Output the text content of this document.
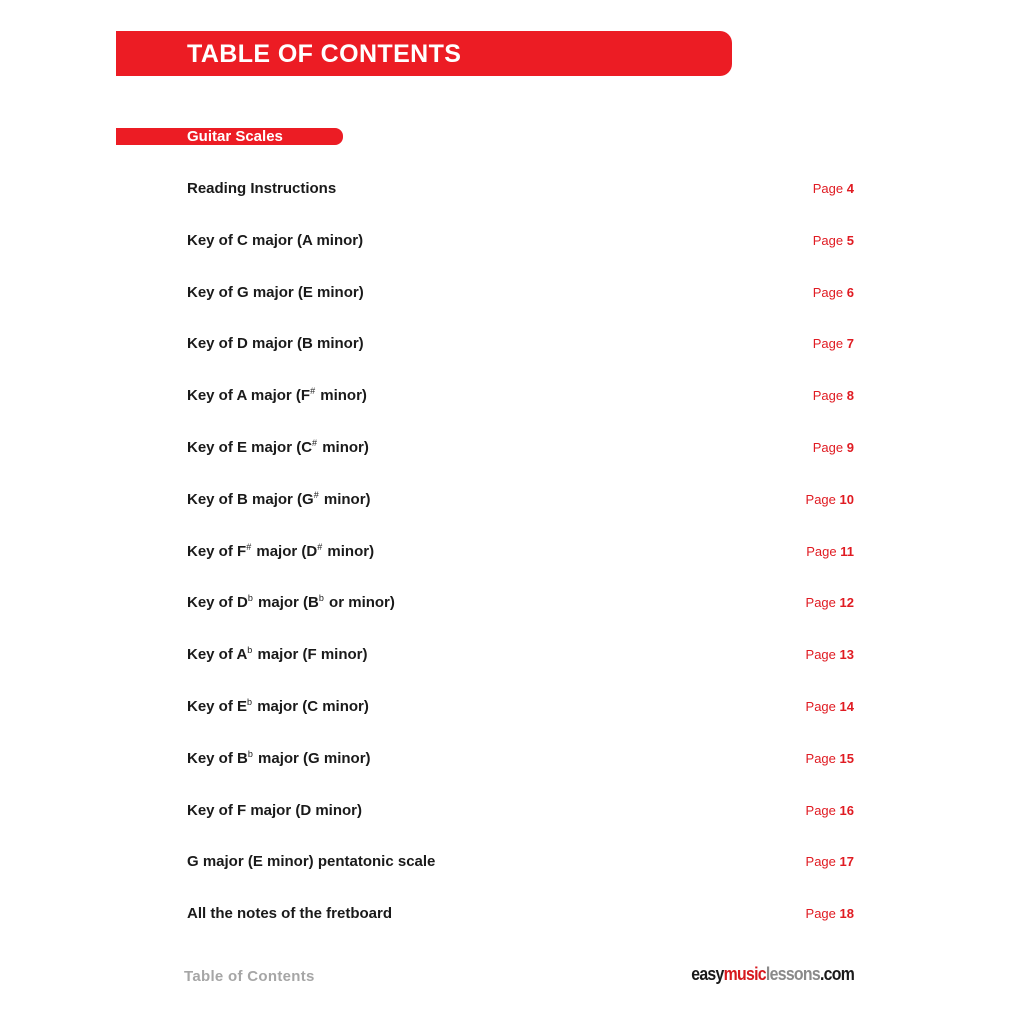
TABLE OF CONTENTS
Guitar Scales
Reading Instructions	Page 4
Key of C major (A minor)	Page 5
Key of G major (E minor)	Page 6
Key of D major (B minor)	Page 7
Key of A major (F# minor)	Page 8
Key of E major (C# minor)	Page 9
Key of B major (G# minor)	Page 10
Key of F# major (D# minor)	Page 11
Key of $D^b$ major ($B^b$ or minor)	Page 12
Key of $A^b$ major (F minor)	Page 13
Key of $E^b$ major (C minor)	Page 14
Key of $B^b$ major (G minor)	Page 15
Key of F major (D minor)	Page 16
G major (E minor) pentatonic scale	Page 17
All the notes of the fretboard	Page 18
Table of Contents	easymusiclessons.com
